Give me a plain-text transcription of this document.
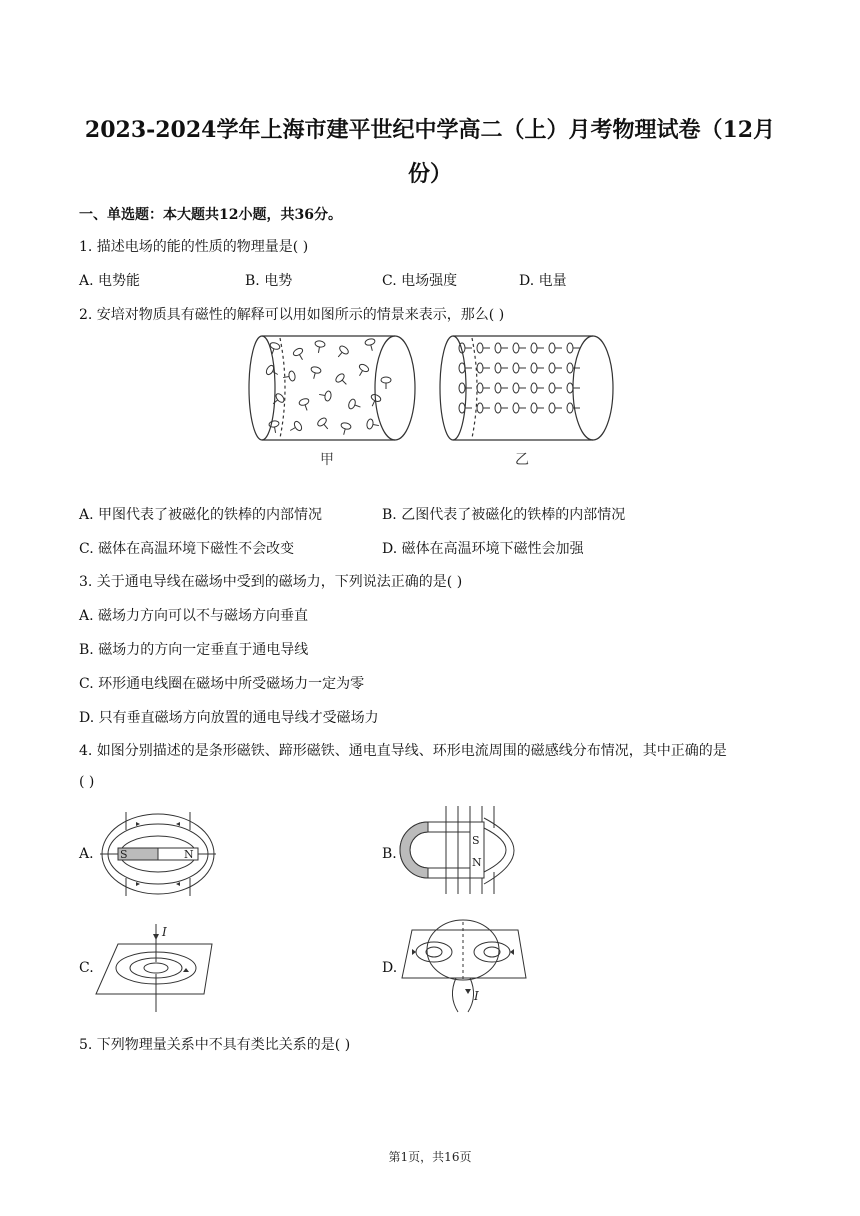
2023-2024学年上海市建平世纪中学高二（上）月考物理试卷（12月
份）
一、单选题：本大题共12小题，共36分。
1. 描述电场的能的性质的物理量是( )
A. 电势能	B. 电势	C. 电场强度	D. 电量
2. 安培对物质具有磁性的解释可以用如图所示的情景来表示，那么( )
甲	乙
A. 甲图代表了被磁化的铁棒的内部情况	B. 乙图代表了被磁化的铁棒的内部情况
C. 磁体在高温环境下磁性不会改变	D. 磁体在高温环境下磁性会加强
3. 关于通电导线在磁场中受到的磁场力，下列说法正确的是( )
A. 磁场力方向可以不与磁场方向垂直
B. 磁场力的方向一定垂直于通电导线
C. 环形通电线圈在磁场中所受磁场力一定为零
D. 只有垂直磁场方向放置的通电导线才受磁场力
4. 如图分别描述的是条形磁铁、蹄形磁铁、通电直导线、环形电流周围的磁感线分布情况，其中正确的是
( )
A. S	N	B.
S
N
C.
I
D.
I
5. 下列物理量关系中不具有类比关系的是( )
第1页，共16页
